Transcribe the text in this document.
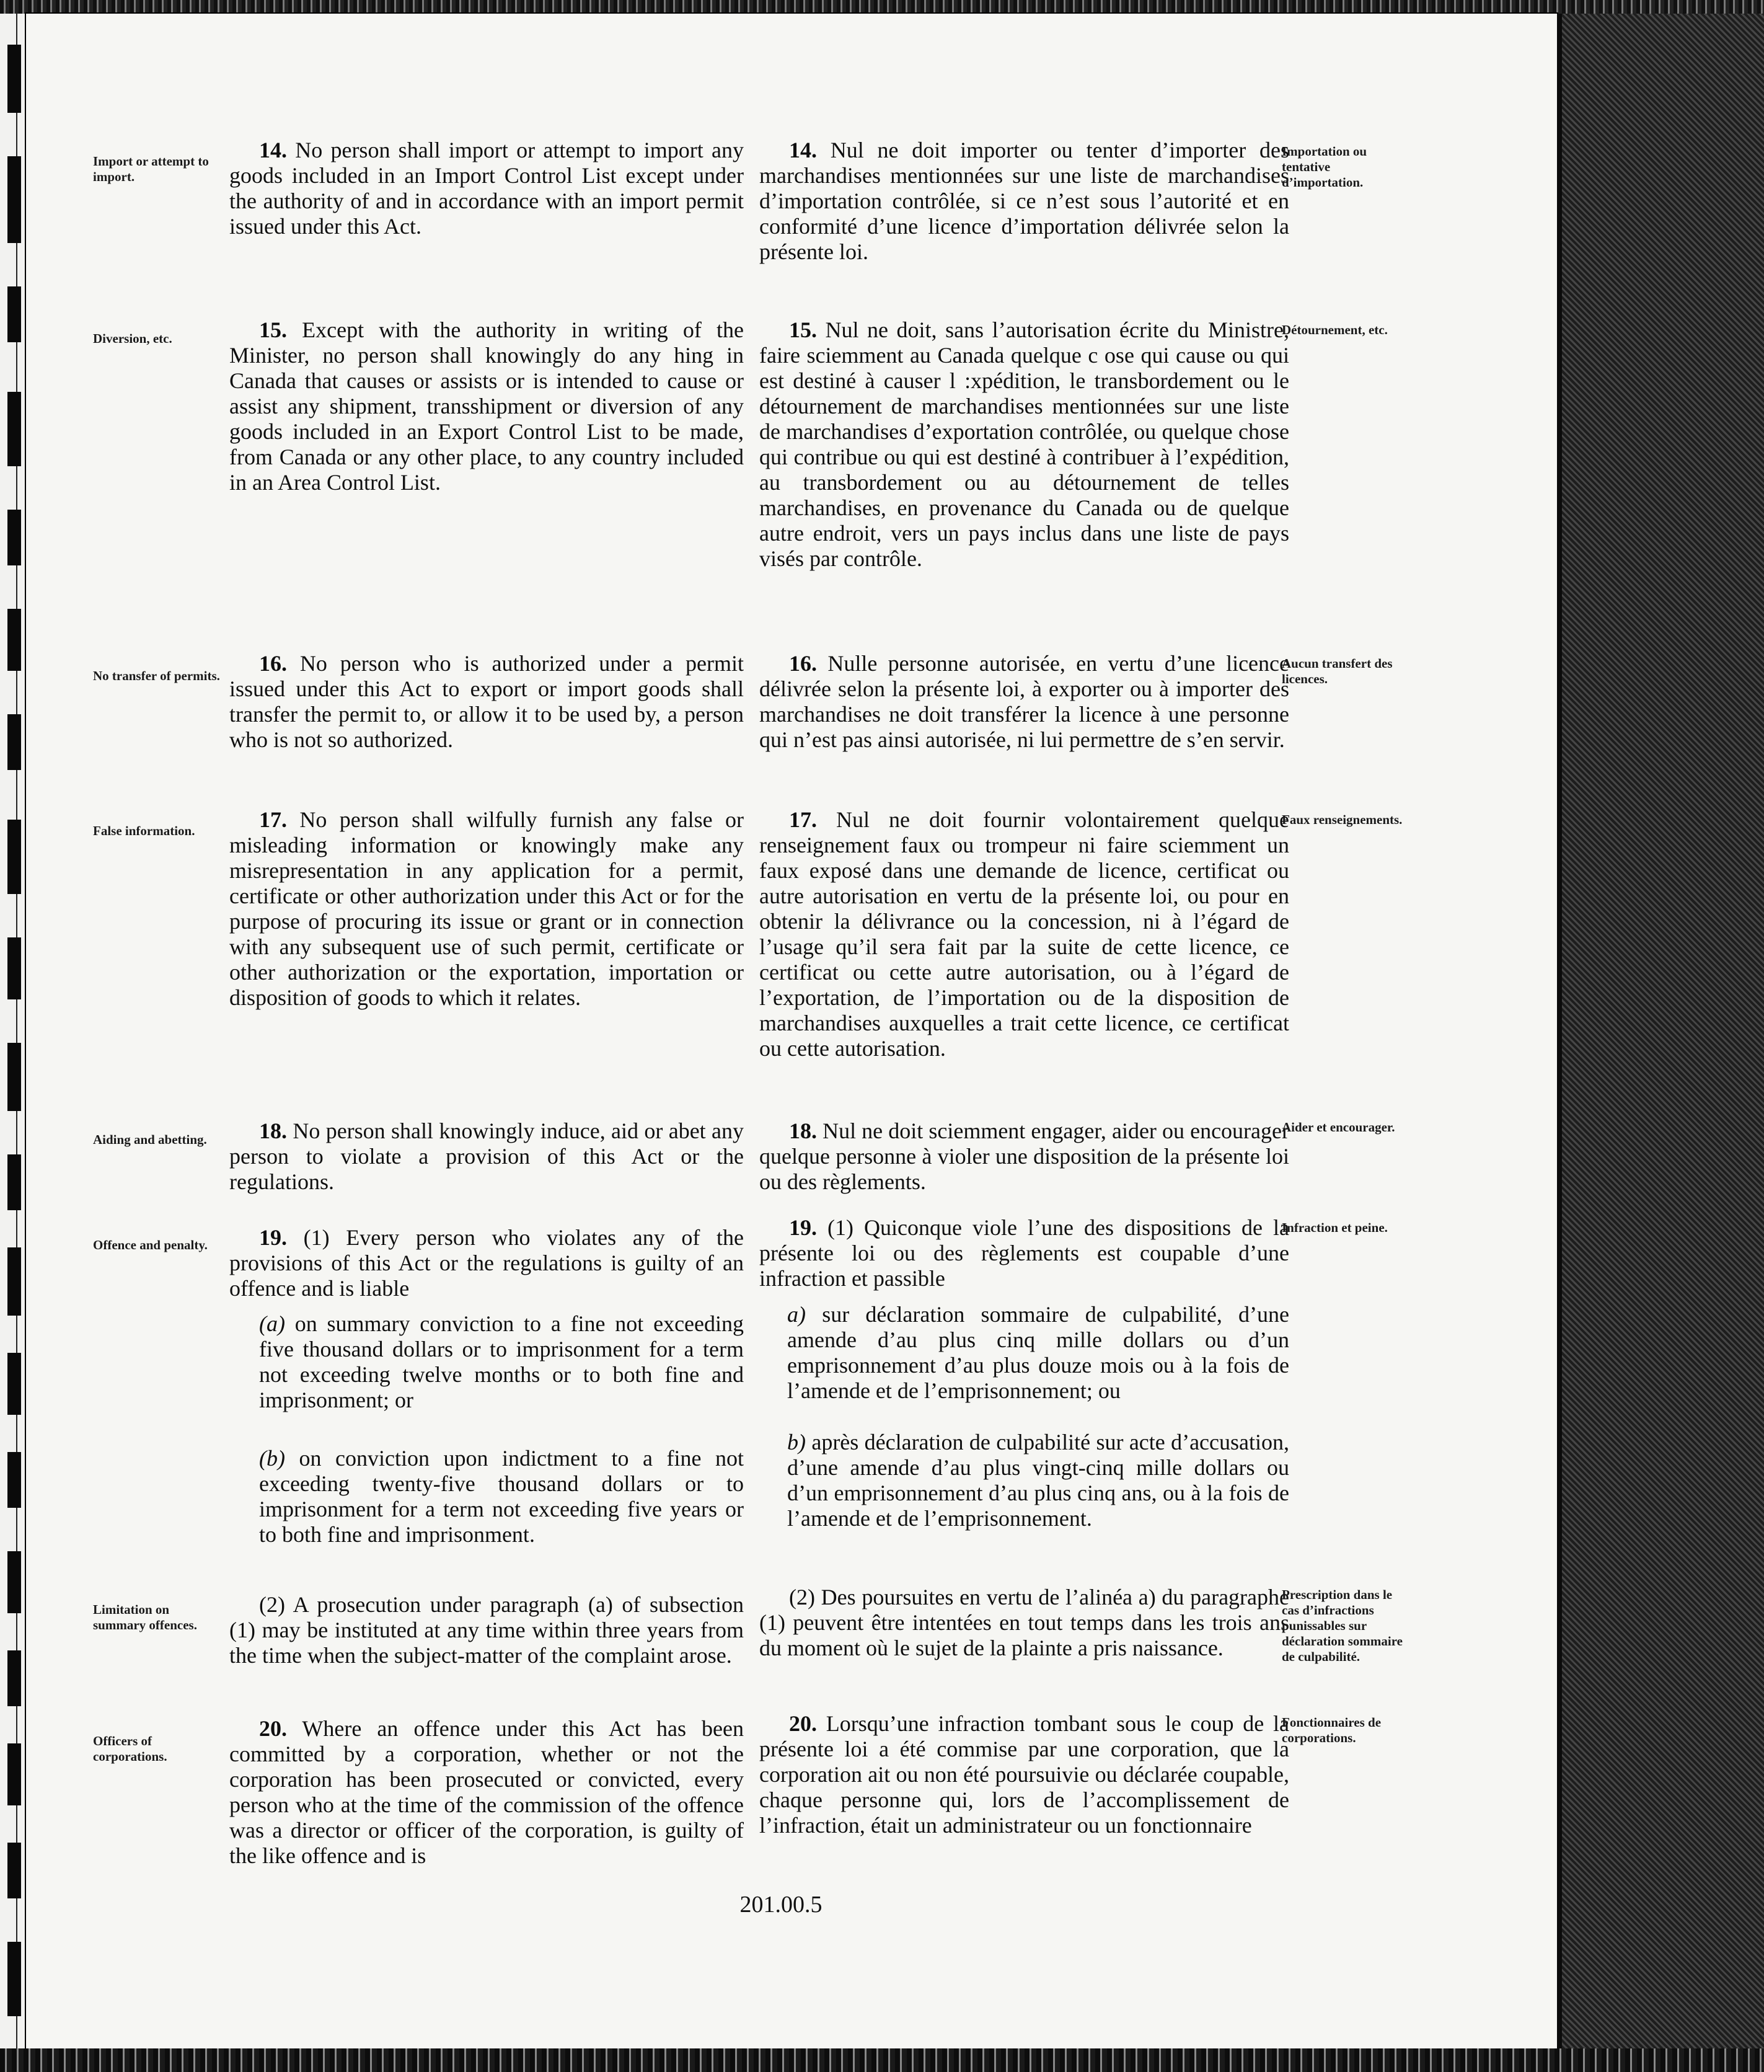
Import or attempt to import.

14. No person shall import or attempt to import any goods included in an Import Control List except under the authority of and in accordance with an import permit issued under this Act.

14. Nul ne doit importer ou tenter d’importer des marchandises mentionnées sur une liste de marchandises d’importation contrôlée, si ce n’est sous l’autorité et en conformité d’une licence d’importation délivrée selon la présente loi.

Importation ou tentative d’importation.
Diversion, etc.	15. Except with the authority in writing of the Minister, no person shall knowingly do any hing in Canada that causes or assists or is intended to cause or assist any shipment, transshipment or diversion of any goods included in an Export Control List to be made, from Canada or any other place, to any country included in an Area Control List.

15. Nul ne doit, sans l’autorisation écrite du Ministre, faire sciemment au Canada quelque c ose qui cause ou qui est destiné à causer l :xpédition, le transbordement ou le détournement de marchandises mentionnées sur une liste de marchandises d’exportation contrôlée, ou quelque chose qui contribue ou qui est destiné à contribuer à l’expédition, au transbordement ou au détournement de telles marchandises, en provenance du Canada ou de quelque autre endroit, vers un pays inclus dans une liste de pays visés par contrôle.

Détournement, etc.
No transfer of permits.	16. No person who is authorized under a permit issued under this Act to export or import goods shall transfer the permit to, or allow it to be used by, a person who is not so authorized.

16. Nulle personne autorisée, en vertu d’une licence délivrée selon la présente loi, à exporter ou à importer des marchandises ne doit transférer la licence à une personne qui n’est pas ainsi autorisée, ni lui permettre de s’en servir.

Aucun transfert des licences.
False information.	17. No person shall wilfully furnish any false or misleading information or knowingly make any misrepresentation in any application for a permit, certificate or other authorization under this Act or for the purpose of procuring its issue or grant or in connection with any subsequent use of such permit, certificate or other authorization or the exportation, importation or disposition of goods to which it relates.

17. Nul ne doit fournir volontairement quelque renseignement faux ou trompeur ni faire sciemment un faux exposé dans une demande de licence, certificat ou autre autorisation en vertu de la présente loi, ou pour en obtenir la délivrance ou la concession, ni à l’égard de l’usage qu’il sera fait par la suite de cette licence, ce certificat ou cette autre autorisation, ou à l’égard de l’exportation, de l’importation ou de la disposition de marchandises auxquelles a trait cette licence, ce certificat ou cette autorisation.

Faux renseignements.
Aiding and abetting.	18. No person shall knowingly induce, aid or abet any person to violate a provision of this Act or the regulations.

18. Nul ne doit sciemment engager, aider ou encourager quelque personne à violer une disposition de la présente loi ou des règlements.

Aider et encourager.
Offence and penalty.	19. (1) Every person who violates any of the provisions of this Act or the regulations is guilty of an offence and is liable

(a) on summary conviction to a fine not exceeding five thousand dollars or to imprisonment for a term not exceeding twelve months or to both fine and imprisonment; or

(b) on conviction upon indictment to a fine not exceeding twenty-five thousand dollars or to imprisonment for a term not exceeding five years or to both fine and imprisonment.

19. (1) Quiconque viole l’une des dispositions de la présente loi ou des règlements est coupable d’une infraction et passible

a) sur déclaration sommaire de culpabilité, d’une amende d’au plus cinq mille dollars ou d’un emprisonnement d’au plus douze mois ou à la fois de l’amende et de l’emprisonnement; ou

b) après déclaration de culpabilité sur acte d’accusation, d’une amende d’au plus vingt-cinq mille dollars ou d’un emprisonnement d’au plus cinq ans, ou à la fois de l’amende et de l’emprisonnement.

Infraction et peine.
Limitation on summary offences.

(2) A prosecution under paragraph (a) of subsection (1) may be instituted at any time within three years from the time when the subject-matter of the complaint arose.

(2) Des poursuites en vertu de l’alinéa a) du paragraphe (1) peuvent être intentées en tout temps dans les trois ans du moment où le sujet de la plainte a pris naissance.

Prescription dans le cas d’infractions punissables sur déclaration sommaire de culpabilité.
Officers of corporations.

20. Where an offence under this Act has been committed by a corporation, whether or not the corporation has been prosecuted or convicted, every person who at the time of the commission of the offence was a director or officer of the corporation, is guilty of the like offence and is

20. Lorsqu’une infraction tombant sous le coup de la présente loi a été commise par une corporation, que la corporation ait ou non été poursuivie ou déclarée coupable, chaque personne qui, lors de l’accomplissement de l’infraction, était un administrateur ou un fonctionnaire

Fonctionnaires de corporations.
201.00.5
